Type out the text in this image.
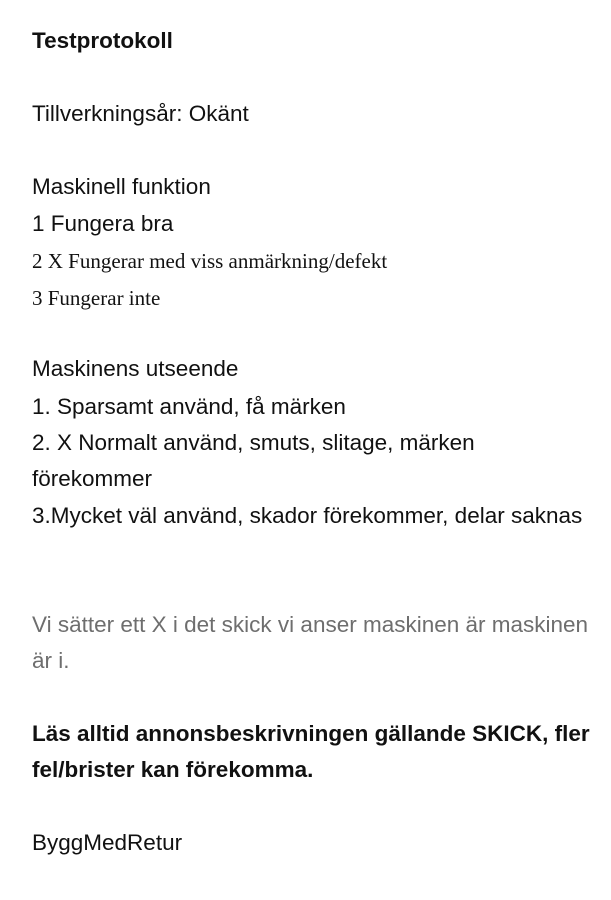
Testprotokoll
Tillverkningsår: Okänt
Maskinell funktion
1 Fungera bra
2 X Fungerar med viss anmärkning/defekt
3 Fungerar inte
Maskinens utseende
1. Sparsamt använd, få märken
2. X Normalt använd, smuts, slitage, märken förekommer
3.Mycket väl använd, skador förekommer, delar saknas
Vi sätter ett X i det skick vi anser maskinen är maskinen är i.
Läs alltid annonsbeskrivningen gällande SKICK, fler fel/brister kan förekomma.
ByggMedRetur
